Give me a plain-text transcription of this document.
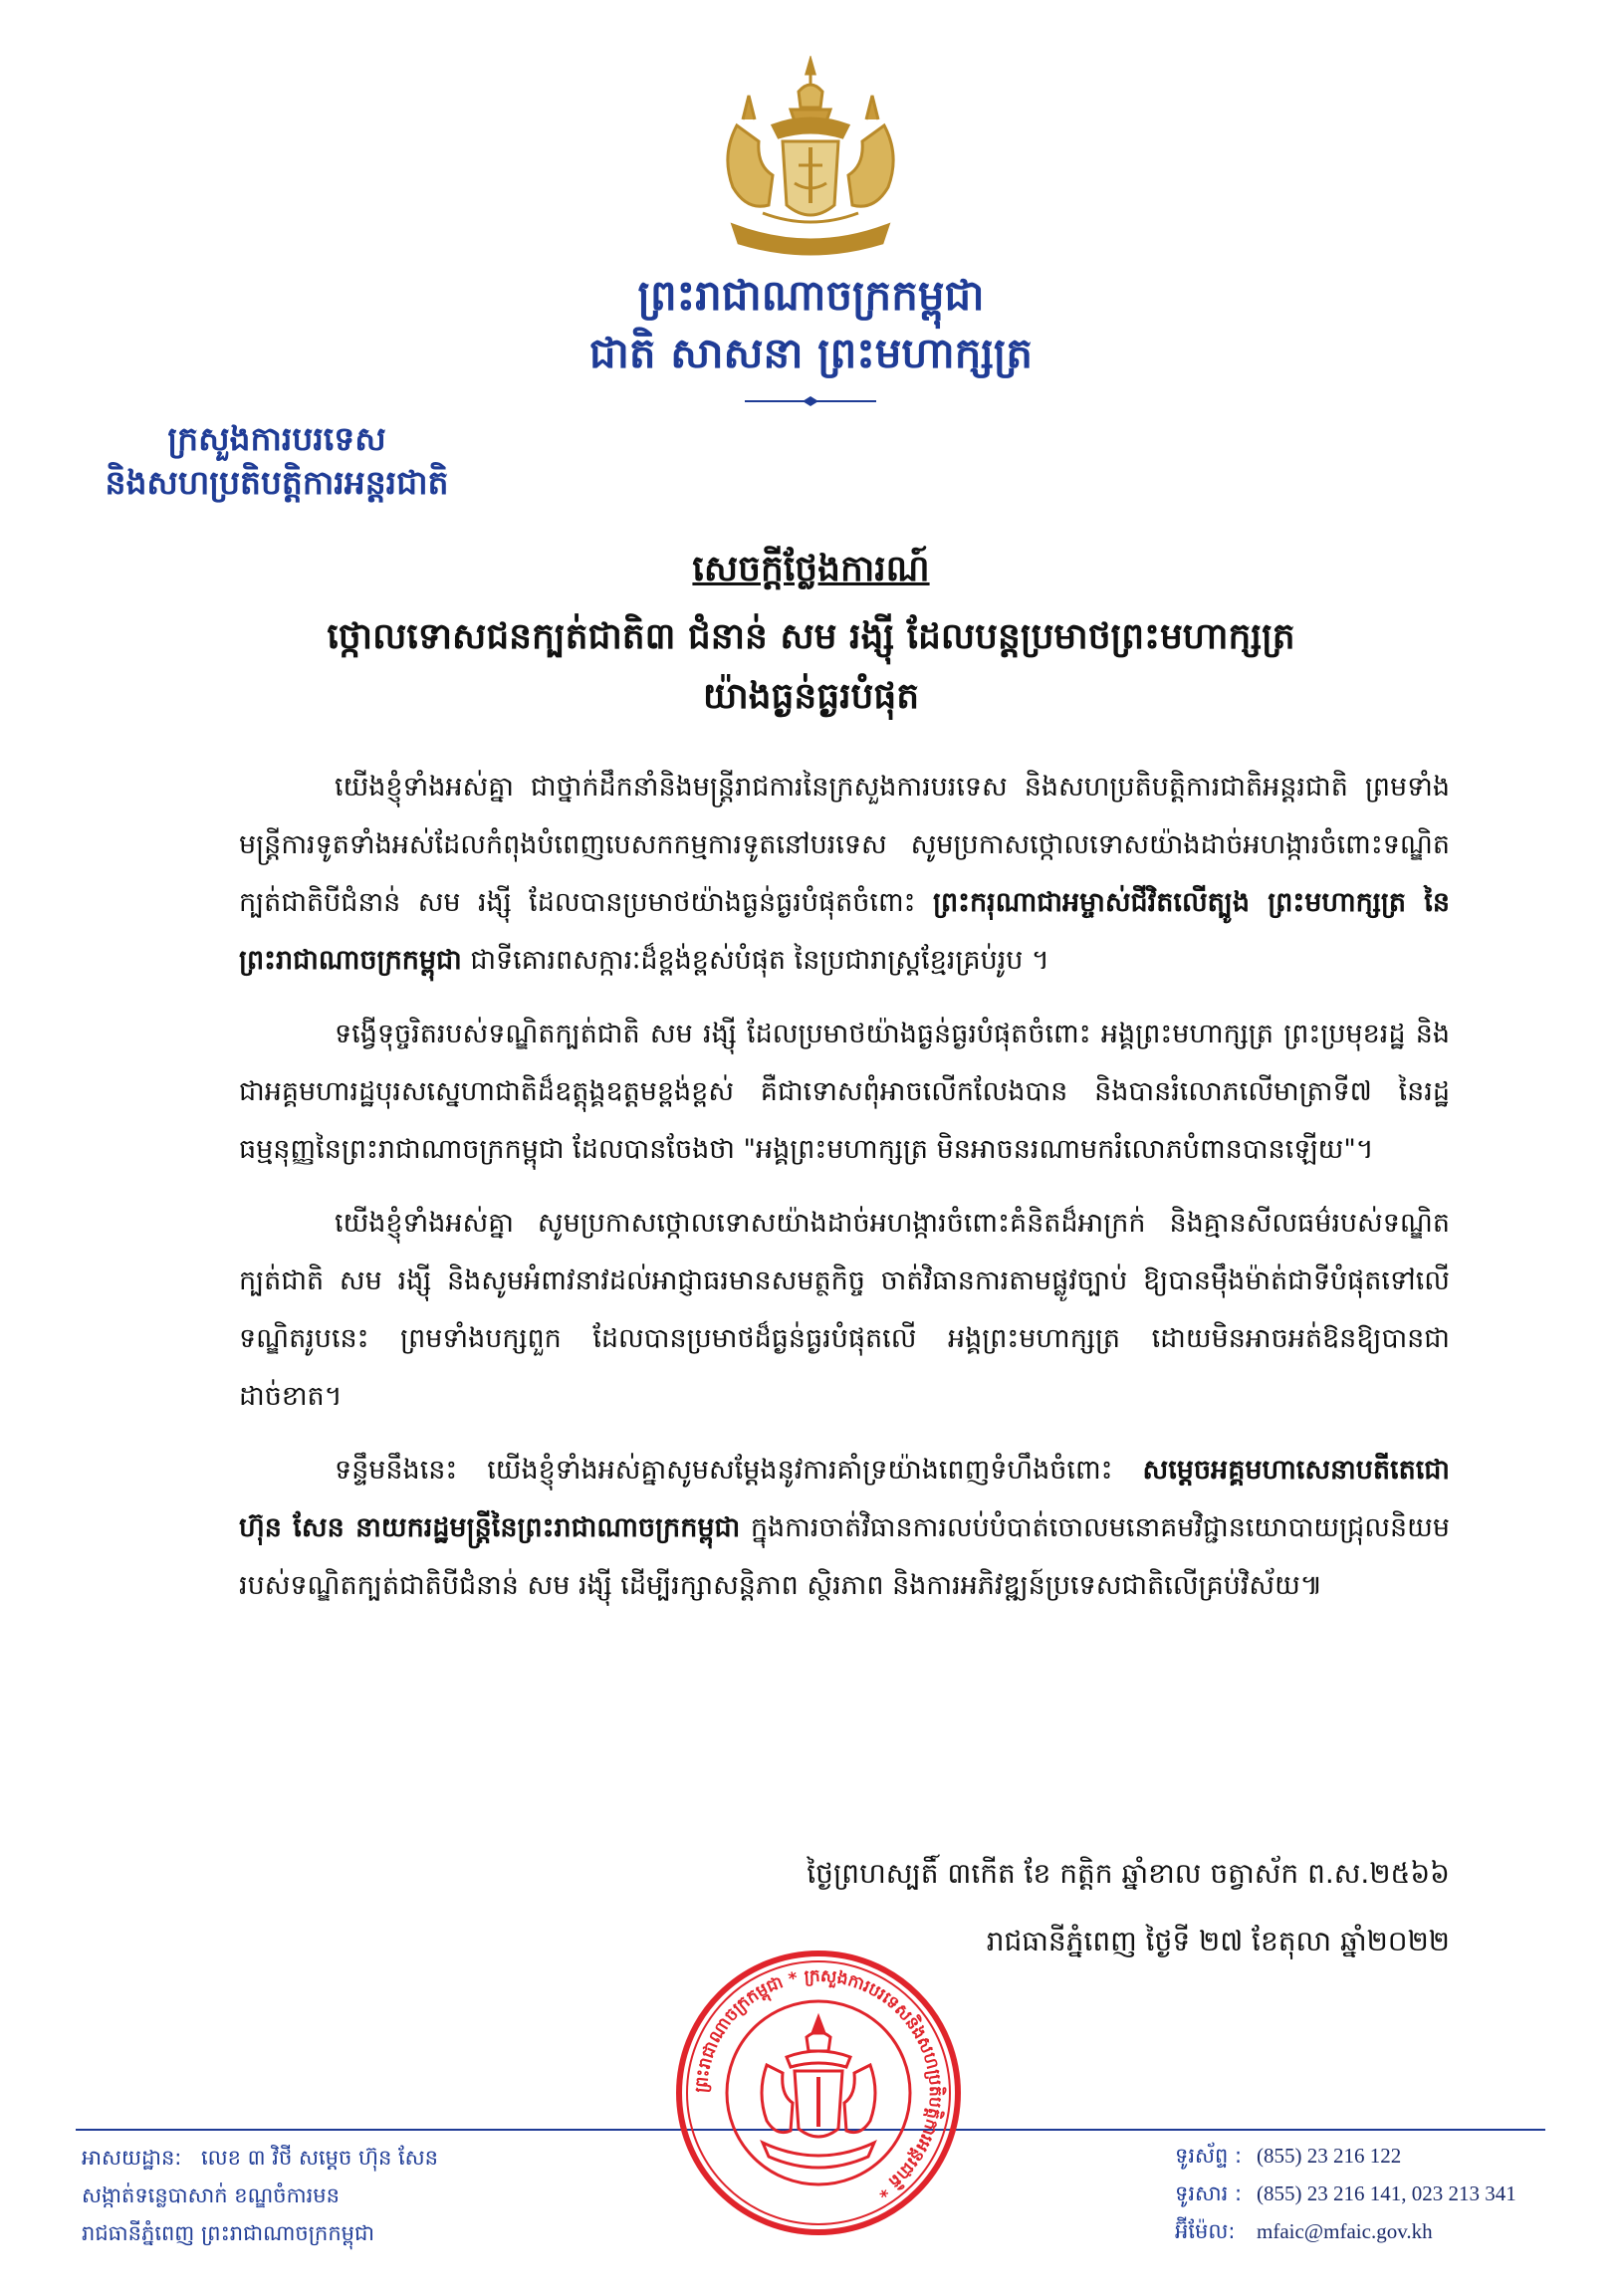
ព្រះរាជាណាចក្រកម្ពុជា
ជាតិ សាសនា ព្រះមហាក្សត្រ
ក្រសួងការបរទេស
និងសហប្រតិបត្តិការអន្តរជាតិ
សេចក្តីថ្លែងការណ៍
ថ្កោលទោសជនក្បត់ជាតិ៣ ជំនាន់ សម រង្ស៊ី ដែលបន្តប្រមាថព្រះមហាក្សត្រ
យ៉ាងធ្ងន់ធ្ងរបំផុត

យើងខ្ញុំទាំងអស់គ្នា ជាថ្នាក់ដឹកនាំនិងមន្ត្រីរាជការនៃក្រសួងការបរទេស និងសហប្រតិបត្តិការជាតិអន្តរជាតិ ព្រមទាំងមន្ត្រីការទូតទាំងអស់ដែលកំពុងបំពេញបេសកកម្មការទូតនៅបរទេស សូមប្រកាសថ្កោលទោសយ៉ាងដាច់អហង្ការចំពោះទណ្ឌិតក្បត់ជាតិបីជំនាន់ សម រង្ស៊ី ដែលបានប្រមាថយ៉ាងធ្ងន់ធ្ងរបំផុតចំពោះ ព្រះករុណាជាអម្ចាស់ជីវិតលើត្បូង ព្រះមហាក្សត្រ នៃព្រះរាជាណាចក្រកម្ពុជា ជាទីគោរពសក្ការៈដ៏ខ្ពង់ខ្ពស់បំផុត នៃប្រជារាស្ត្រខ្មែរគ្រប់រូប ។

ទង្វើទុច្ចរិតរបស់ទណ្ឌិតក្បត់ជាតិ សម រង្ស៊ី ដែលប្រមាថយ៉ាងធ្ងន់ធ្ងរបំផុតចំពោះ អង្គព្រះមហាក្សត្រ ព្រះប្រមុខរដ្ឋ និងជាអគ្គមហារដ្ឋបុរសស្នេហាជាតិដ៏ឧត្តុង្គឧត្តមខ្ពង់ខ្ពស់ គឺជាទោសពុំអាចលើកលែងបាន និងបានរំលោភលើមាត្រាទី៧ នៃរដ្ឋធម្មនុញ្ញនៃព្រះរាជាណាចក្រកម្ពុជា ដែលបានចែងថា "អង្គព្រះមហាក្សត្រ មិនអាចនរណាមករំលោភបំពានបានឡើយ"។

យើងខ្ញុំទាំងអស់គ្នា សូមប្រកាសថ្កោលទោសយ៉ាងដាច់អហង្ការចំពោះគំនិតដ៏អាក្រក់ និងគ្មានសីលធម៌របស់ទណ្ឌិតក្បត់ជាតិ សម រង្ស៊ី និងសូមអំពាវនាវដល់អាជ្ញាធរមានសមត្ថកិច្ច ចាត់វិធានការតាមផ្លូវច្បាប់ ឱ្យបានម៉ឹងម៉ាត់ជាទីបំផុតទៅលើទណ្ឌិតរូបនេះ ព្រមទាំងបក្សពួក ដែលបានប្រមាថដ៏ធ្ងន់ធ្ងរបំផុតលើ អង្គព្រះមហាក្សត្រ ដោយមិនអាចអត់ឱនឱ្យបានជាដាច់ខាត។

ទន្ទឹមនឹងនេះ យើងខ្ញុំទាំងអស់គ្នាសូមសម្តែងនូវការគាំទ្រយ៉ាងពេញទំហឹងចំពោះ សម្តេចអគ្គមហាសេនាបតីតេជោ ហ៊ុន សែន នាយករដ្ឋមន្ត្រីនៃព្រះរាជាណាចក្រកម្ពុជា ក្នុងការចាត់វិធានការលប់បំបាត់ចោលមនោគមវិជ្ជានយោបាយជ្រុលនិយមរបស់ទណ្ឌិតក្បត់ជាតិបីជំនាន់ សម រង្ស៊ី ដើម្បីរក្សាសន្តិភាព ស្ថិរភាព និងការអភិវឌ្ឍន៍ប្រទេសជាតិលើគ្រប់វិស័យ៕

ថ្ងៃព្រហស្បតិ៍ ៣កើត ខែ កត្តិក ឆ្នាំខាល ចត្វាស័ក ព.ស.២៥៦៦
រាជធានីភ្នំពេញ ថ្ងៃទី ២៧ ខែតុលា ឆ្នាំ២០២២
ព្រះរាជាណាចក្រកម្ពុជា * ក្រសួងការបរទេសនិងសហប្រតិបត្តិការអន្តរជាតិ *
អាសយដ្ឋាន: លេខ ៣ វិថី សម្តេច ហ៊ុន សែន
សង្កាត់ទន្លេបាសាក់ ខណ្ឌចំការមន
រាជធានីភ្នំពេញ ព្រះរាជាណាចក្រកម្ពុជា
ទូរស័ព្ទ : (855) 23 216 122
ទូរសារ : (855) 23 216 141, 023 213 341
អ៊ីម៉ែល: mfaic@mfaic.gov.kh
